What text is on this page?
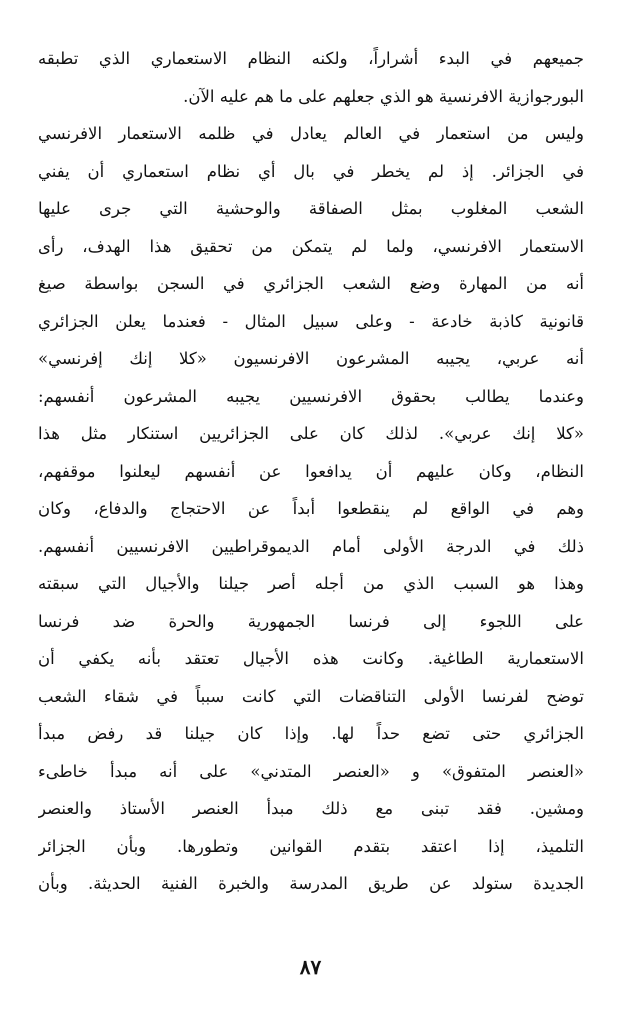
جميعهم في البدء أشراراً، ولكنه النظام الاستعماري الذي تطبقه
البورجوازية الافرنسية هو الذي جعلهم على ما هم عليه الآن.
وليس من استعمار في العالم يعادل في ظلمه الاستعمار الافرنسي
في الجزائر. إذ لم يخطر في بال أي نظام استعماري أن يفني
الشعب المغلوب بمثل الصفاقة والوحشية التي جرى عليها
الاستعمار الافرنسي، ولما لم يتمكن من تحقيق هذا الهدف، رأى
أنه من المهارة وضع الشعب الجزائري في السجن بواسطة صيغ
قانونية كاذبة خادعة - وعلى سبيل المثال - فعندما يعلن الجزائري
أنه عربي، يجيبه المشرعون الافرنسيون «كلا إنك إفرنسي»
وعندما يطالب بحقوق الافرنسيين يجيبه المشرعون أنفسهم:
«كلا إنك عربي». لذلك كان على الجزائريين استنكار مثل هذا
النظام، وكان عليهم أن يدافعوا عن أنفسهم ليعلنوا موقفهم،
وهم في الواقع لم ينقطعوا أبداً عن الاحتجاج والدفاع، وكان
ذلك في الدرجة الأولى أمام الديموقراطيين الافرنسيين أنفسهم.
وهذا هو السبب الذي من أجله أصر جيلنا والأجيال التي سبقته
على اللجوء إلى فرنسا الجمهورية والحرة ضد فرنسا
الاستعمارية الطاغية. وكانت هذه الأجيال تعتقد بأنه يكفي أن
توضح لفرنسا الأولى التناقضات التي كانت سبباً في شقاء الشعب
الجزائري حتى تضع حداً لها. وإذا كان جيلنا قد رفض مبدأ
«العنصر المتفوق» و «العنصر المتدني» على أنه مبدأ خاطىء
ومشين. فقد تبنى مع ذلك مبدأ العنصر الأستاذ والعنصر
التلميذ، إذا اعتقد بتقدم القوانين وتطورها. وبأن الجزائر
الجديدة ستولد عن طريق المدرسة والخبرة الفنية الحديثة. وبأن
٨٧
